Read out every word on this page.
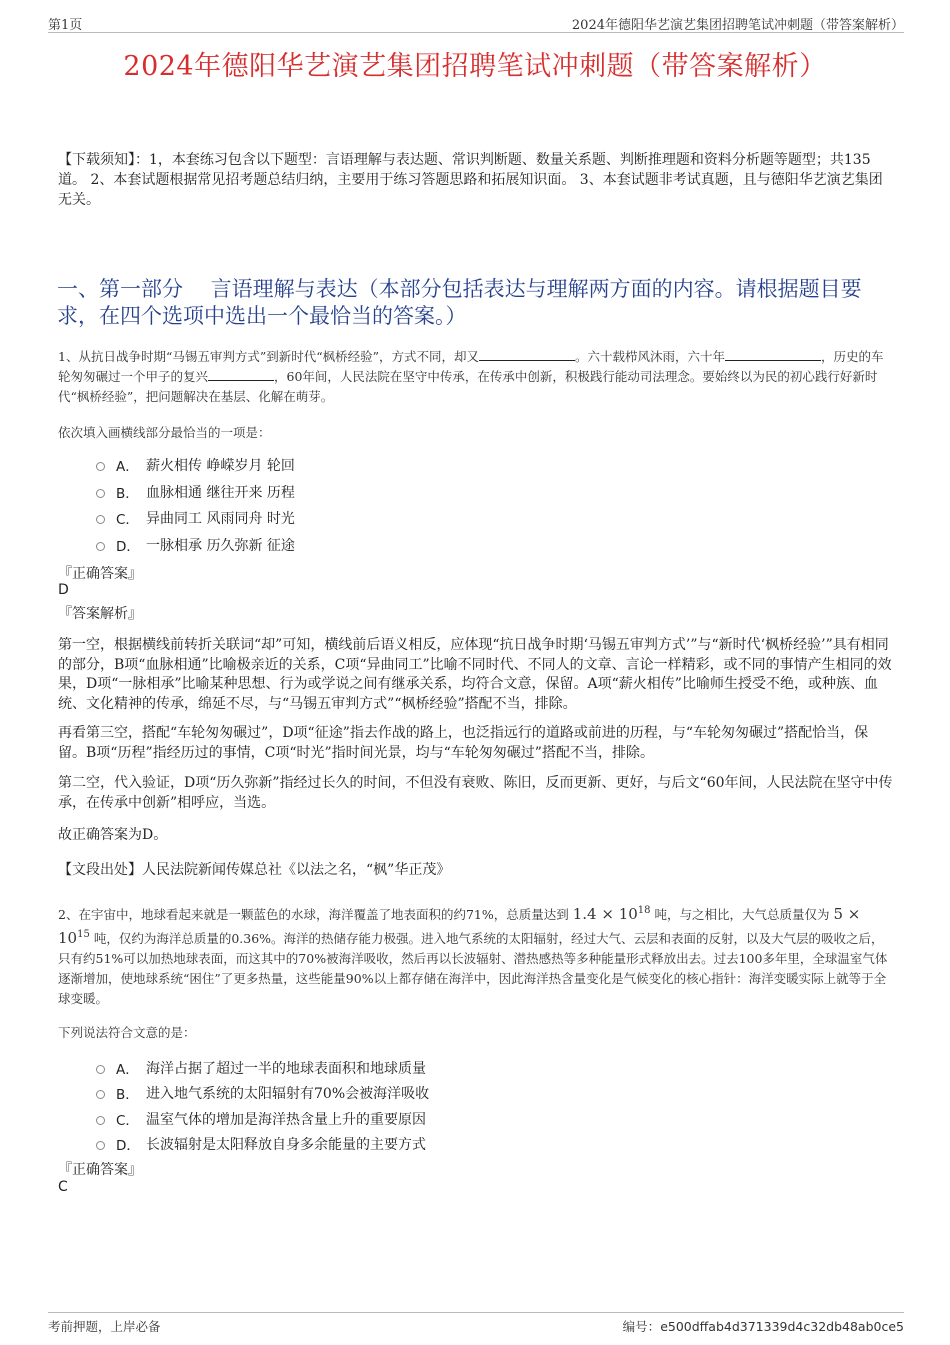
第1页	2024年德阳华艺演艺集团招聘笔试冲刺题（带答案解析）
2024年德阳华艺演艺集团招聘笔试冲刺题（带答案解析）
【下载须知】：1，本套练习包含以下题型：言语理解与表达题、常识判断题、数量关系题、判断推理题和资料分析题等题型；共135道。 2、本套试题根据常见招考题总结归纳，主要用于练习答题思路和拓展知识面。 3、本套试题非考试真题，且与德阳华艺演艺集团无关。
一、第一部分　 言语理解与表达（本部分包括表达与理解两方面的内容。请根据题目要求，在四个选项中选出一个最恰当的答案。）
1、从抗日战争时期“马锡五审判方式”到新时代“枫桥经验”，方式不同，却又	。六十载栉风沐雨，六十年	，历史的车轮匆匆碾过一个甲子的复兴	，60年间，人民法院在坚守中传承，在传承中创新，积极践行能动司法理念。要始终以为民的初心践行好新时代“枫桥经验”，把问题解决在基层、化解在萌芽。
依次填入画横线部分最恰当的一项是：
A． 薪火相传 峥嵘岁月 轮回
B． 血脉相通 继往开来 历程
C． 异曲同工 风雨同舟 时光
D． 一脉相承 历久弥新 征途
『正确答案』
D
『答案解析』
第一空，根据横线前转折关联词“却”可知，横线前后语义相反，应体现“抗日战争时期‘马锡五审判方式’”与“新时代‘枫桥经验’”具有相同的部分，B项“血脉相通”比喻极亲近的关系，C项“异曲同工”比喻不同时代、不同人的文章、言论一样精彩，或不同的事情产生相同的效果，D项“一脉相承”比喻某种思想、行为或学说之间有继承关系，均符合文意，保留。A项“薪火相传”比喻师生授受不绝，或种族、血统、文化精神的传承，绵延不尽，与“马锡五审判方式”“枫桥经验”搭配不当，排除。
再看第三空，搭配“车轮匆匆碾过”，D项“征途”指去作战的路上，也泛指远行的道路或前进的历程，与“车轮匆匆碾过”搭配恰当，保留。B项“历程”指经历过的事情，C项“时光”指时间光景，均与“车轮匆匆碾过”搭配不当，排除。
第二空，代入验证，D项“历久弥新”指经过长久的时间，不但没有衰败、陈旧，反而更新、更好，与后文“60年间，人民法院在坚守中传承，在传承中创新”相呼应，当选。
故正确答案为D。
【文段出处】人民法院新闻传媒总社《以法之名，“枫”华正茂》
2、在宇宙中，地球看起来就是一颗蓝色的水球，海洋覆盖了地表面积的约71%，总质量达到 $1.4 \times 10^{18}$ 吨，与之相比，大气总质量仅为 $5 \times 10^{15}$ 吨，仅约为海洋总质量的0.36%。海洋的热储存能力极强。进入地气系统的太阳辐射，经过大气、云层和表面的反射，以及大气层的吸收之后，只有约51%可以加热地球表面，而这其中的70%被海洋吸收，然后再以长波辐射、潜热感热等多种能量形式释放出去。过去100多年里，全球温室气体逐渐增加，使地球系统“困住”了更多热量，这些能量90%以上都存储在海洋中，因此海洋热含量变化是气候变化的核心指针：海洋变暖实际上就等于全球变暖。
下列说法符合文意的是：
A． 海洋占据了超过一半的地球表面积和地球质量
B． 进入地气系统的太阳辐射有70%会被海洋吸收
C． 温室气体的增加是海洋热含量上升的重要原因
D． 长波辐射是太阳释放自身多余能量的主要方式
『正确答案』
C
考前押题，上岸必备	编号：e500dffab4d371339d4c32db48ab0ce5
